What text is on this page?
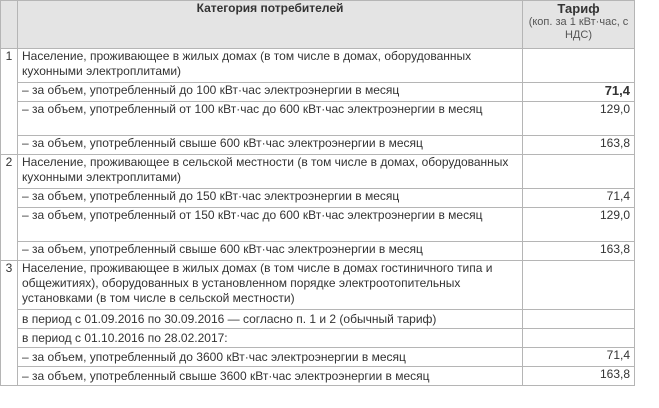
	Категория потребителей	Тариф
(коп. за 1 кВт·час, с НДС)

1	Население, проживающее в жилых домах (в том числе в домах, оборудованных кухонными электроплитами)	
	– за объем, употребленный до 100 кВт·час электроэнергии в месяц	71,4
	– за объем, употребленный от 100 кВт·час до 600 кВт·час электроэнергии в месяц	129,0
	– за объем, употребленный свыше 600 кВт·час электроэнергии в месяц	163,8
2	Население, проживающее в сельской местности (в том числе в домах, оборудованных кухонными электроплитами)	
	– за объем, употребленный до 150 кВт·час электроэнергии в месяц	71,4
	– за объем, употребленный от 150 кВт·час до 600 кВт·час электроэнергии в месяц	129,0
	– за объем, употребленный свыше 600 кВт·час электроэнергии в месяц	163,8
3	Население, проживающее в жилых домах (в том числе в домах гостиничного типа и общежитиях), оборудованных в установленном порядке электроотопительных установками (в том числе в сельской местности)	
	в период с 01.09.2016 по 30.09.2016 — согласно п. 1 и 2 (обычный тариф)	
	в период с 01.10.2016 по 28.02.2017:	
	– за объем, употребленный до 3600 кВт·час электроэнергии в месяц	71,4
	– за объем, употребленный свыше 3600 кВт·час электроэнергии в месяц	163,8
